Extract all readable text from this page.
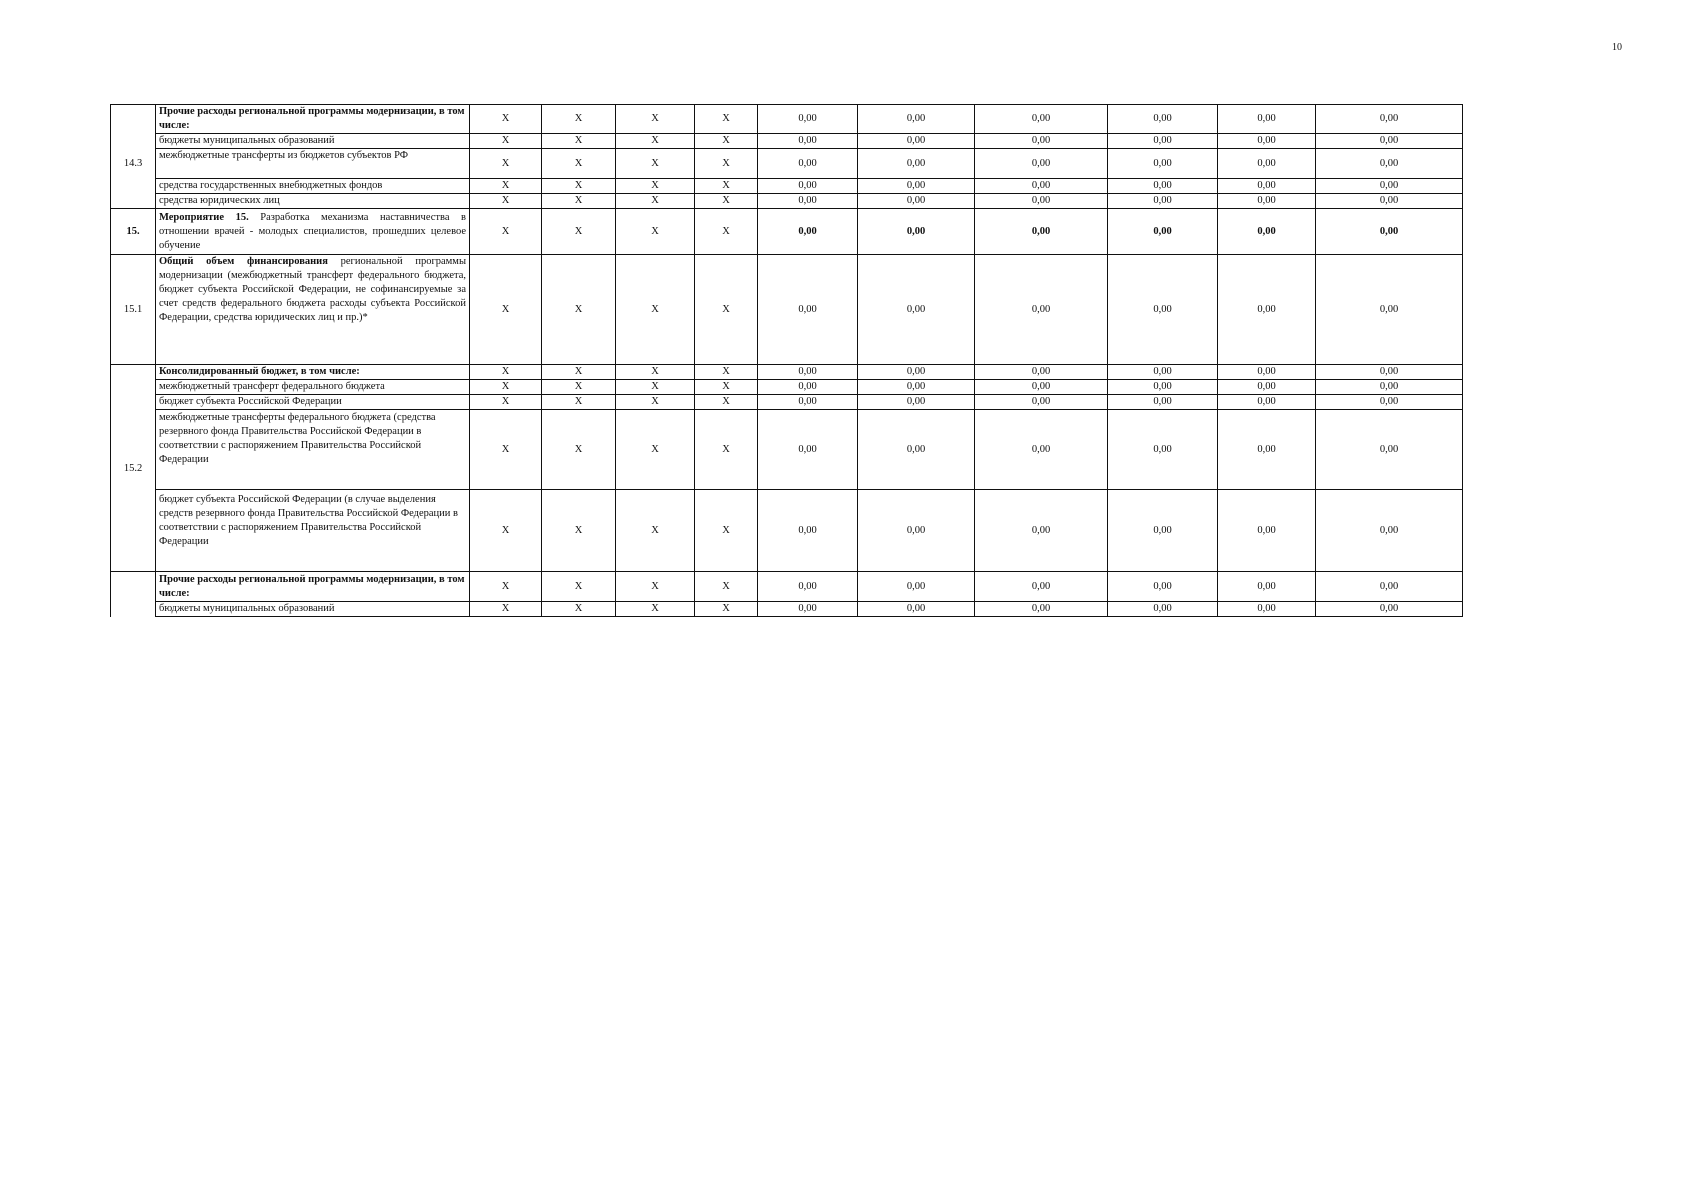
10
	Прочие расходы региональной программы модернизации, в том числе:	X	X	X	X	0,00	0,00	0,00	0,00	0,00	0,00
	бюджеты муниципальных образований	X	X	X	X	0,00	0,00	0,00	0,00	0,00	0,00
14.3	межбюджетные трансферты из бюджетов субъектов РФ	X	X	X	X	0,00	0,00	0,00	0,00	0,00	0,00
	средства государственных внебюджетных фондов	X	X	X	X	0,00	0,00	0,00	0,00	0,00	0,00
	средства юридических лиц	X	X	X	X	0,00	0,00	0,00	0,00	0,00	0,00
15.	Мероприятие 15. Разработка механизма наставничества в отношении врачей - молодых специалистов, прошедших целевое обучение	X	X	X	X	0,00	0,00	0,00	0,00	0,00	0,00
15.1	Общий объем финансирования региональной программы модернизации (межбюджетный трансферт федерального бюджета, бюджет субъекта Российской Федерации, не софинансируемые за счет средств федерального бюджета расходы субъекта Российской Федерации, средства юридических лиц и пр.)*	X	X	X	X	0,00	0,00	0,00	0,00	0,00	0,00
	Консолидированный бюджет, в том числе:	X	X	X	X	0,00	0,00	0,00	0,00	0,00	0,00
	межбюджетный трансферт федерального бюджета	X	X	X	X	0,00	0,00	0,00	0,00	0,00	0,00
	бюджет субъекта Российской Федерации	X	X	X	X	0,00	0,00	0,00	0,00	0,00	0,00
15.2	межбюджетные трансферты федерального бюджета (средства резервного фонда Правительства Российской Федерации в соответствии с распоряжением Правительства Российской Федерации	X	X	X	X	0,00	0,00	0,00	0,00	0,00	0,00
	бюджет субъекта Российской Федерации (в случае выделения средств резервного фонда Правительства Российской Федерации в соответствии с распоряжением Правительства Российской Федерации	X	X	X	X	0,00	0,00	0,00	0,00	0,00	0,00
	Прочие расходы региональной программы модернизации, в том числе:	X	X	X	X	0,00	0,00	0,00	0,00	0,00	0,00
	бюджеты муниципальных образований	X	X	X	X	0,00	0,00	0,00	0,00	0,00	0,00
